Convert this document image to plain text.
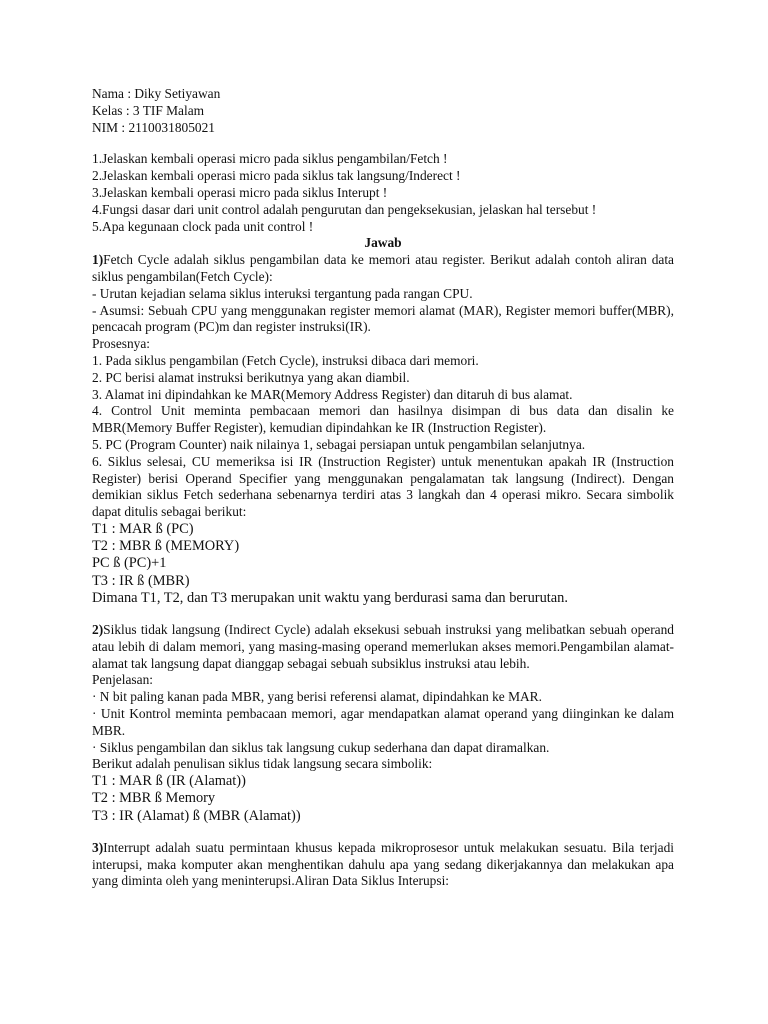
Nama : Diky Setiyawan

Kelas : 3 TIF Malam

NIM : 2110031805021

1.Jelaskan kembali operasi micro pada siklus pengambilan/Fetch !

2.Jelaskan kembali operasi micro pada siklus tak langsung/Inderect !

3.Jelaskan kembali operasi micro pada siklus Interupt !

4.Fungsi dasar dari unit control adalah pengurutan dan pengeksekusian, jelaskan hal tersebut !

5.Apa kegunaan clock pada unit control !

Jawab

1)Fetch Cycle adalah siklus pengambilan data ke memori atau register. Berikut adalah contoh aliran data siklus pengambilan(Fetch Cycle):

- Urutan kejadian selama siklus interuksi tergantung pada rangan CPU.

- Asumsi: Sebuah CPU yang menggunakan register memori alamat (MAR), Register memori buffer(MBR), pencacah program (PC)m dan register instruksi(IR).

Prosesnya:

1. Pada siklus pengambilan (Fetch Cycle), instruksi dibaca dari memori.

2. PC berisi alamat instruksi berikutnya yang akan diambil.

3. Alamat ini dipindahkan ke MAR(Memory Address Register) dan ditaruh di bus alamat.

4. Control Unit meminta pembacaan memori dan hasilnya disimpan di bus data dan disalin ke MBR(Memory Buffer Register), kemudian dipindahkan ke IR (Instruction Register).

5. PC (Program Counter) naik nilainya 1, sebagai persiapan untuk pengambilan selanjutnya.

6. Siklus selesai, CU memeriksa isi IR (Instruction Register) untuk menentukan apakah IR (Instruction Register) berisi Operand Specifier yang menggunakan pengalamatan tak langsung (Indirect). Dengan demikian siklus Fetch sederhana sebenarnya terdiri atas 3 langkah dan 4 operasi mikro. Secara simbolik dapat ditulis sebagai berikut:

T1 : MAR ß (PC)

T2 : MBR ß (MEMORY)

PC ß (PC)+1

T3 : IR ß (MBR)

Dimana T1, T2, dan T3 merupakan unit waktu yang berdurasi sama dan berurutan.

2)Siklus tidak langsung (Indirect Cycle) adalah eksekusi sebuah instruksi yang melibatkan sebuah operand atau lebih di dalam memori, yang masing-masing operand memerlukan akses memori.Pengambilan alamat-alamat tak langsung dapat dianggap sebagai sebuah subsiklus instruksi atau lebih.

Penjelasan:

· N bit paling kanan pada MBR, yang berisi referensi alamat, dipindahkan ke MAR.

· Unit Kontrol meminta pembacaan memori, agar mendapatkan alamat operand yang diinginkan ke dalam MBR.

· Siklus pengambilan dan siklus tak langsung cukup sederhana dan dapat diramalkan.

Berikut adalah penulisan siklus tidak langsung secara simbolik:

T1 : MAR ß (IR (Alamat))

T2 : MBR ß Memory

T3 : IR (Alamat) ß (MBR (Alamat))

3)Interrupt adalah suatu permintaan khusus kepada mikroprosesor untuk melakukan sesuatu. Bila terjadi interupsi, maka komputer akan menghentikan dahulu apa yang sedang dikerjakannya dan melakukan apa yang diminta oleh yang meninterupsi.Aliran Data Siklus Interupsi:
